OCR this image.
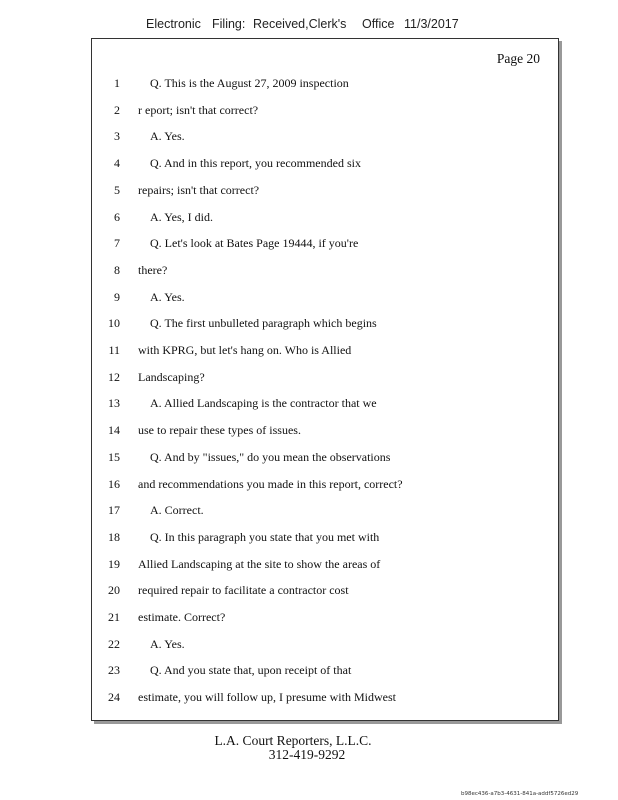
Electronic Filing: Received,Clerk's Office 11/3/2017
Page 20
1	Q. This is the August 27, 2009 inspection
2 r eport; isn't that correct?
3	A. Yes.
4	Q. And in this report, you recommended six
5 repairs; isn't that correct?
6	A. Yes, I did.
7	Q. Let's look at Bates Page 19444, if you're
8 there?
9	A. Yes.
10	Q. The first unbulleted paragraph which begins
11 with KPRG, but let's hang on. Who is Allied
12 Landscaping?
13	A. Allied Landscaping is the contractor that we
14 use to repair these types of issues.
15	Q. And by "issues," do you mean the observations
16 and recommendations you made in this report, correct?
17	A. Correct.
18	Q. In this paragraph you state that you met with
19 Allied Landscaping at the site to show the areas of
20 required repair to facilitate a contractor cost
21 estimate. Correct?
22	A. Yes.
23	Q. And you state that, upon receipt of that
24 estimate, you will follow up, I presume with Midwest
L.A. Court Reporters, L.L.C.
312-419-9292
b98ec436-a7b3-4631-841a-addf5726ed29
